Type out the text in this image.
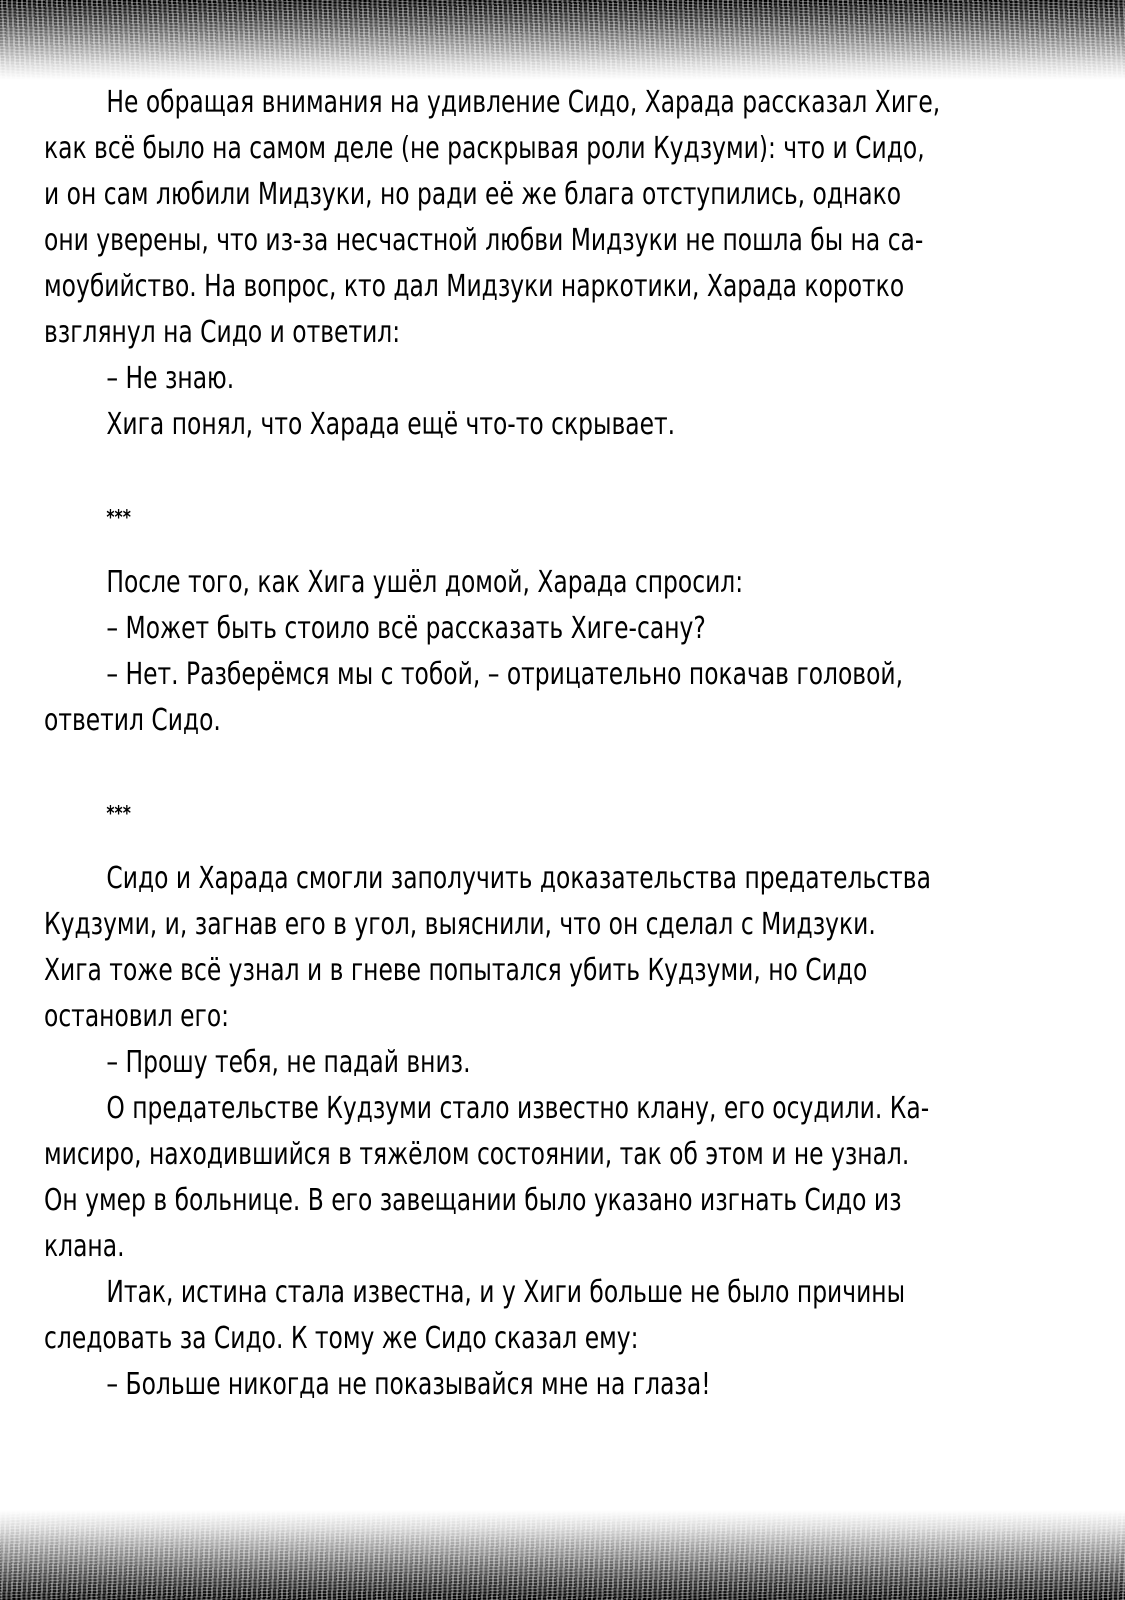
Не обращая внимания на удивление Сидо, Харада рассказал Хиге,
как всё было на самом деле (не раскрывая роли Кудзуми): что и Сидо,
и он сам любили Мидзуки, но ради её же блага отступились, однако
они уверены, что из-за несчастной любви Мидзуки не пошла бы на са-
моубийство. На вопрос, кто дал Мидзуки наркотики, Харада коротко
взглянул на Сидо и ответил:

– Не знаю.

Хига понял, что Харада ещё что-то скрывает.

***

После того, как Хига ушёл домой, Харада спросил:

– Может быть стоило всё рассказать Хиге-сану?

– Нет. Разберёмся мы с тобой, – отрицательно покачав головой,
ответил Сидо.

***

Сидо и Харада смогли заполучить доказательства предательства
Кудзуми, и, загнав его в угол, выяснили, что он сделал с Мидзуки.
Хига тоже всё узнал и в гневе попытался убить Кудзуми, но Сидо
остановил его:

– Прошу тебя, не падай вниз.

О предательстве Кудзуми стало известно клану, его осудили. Ка-
мисиро, находившийся в тяжёлом состоянии, так об этом и не узнал.
Он умер в больнице. В его завещании было указано изгнать Сидо из
клана.

Итак, истина стала известна, и у Хиги больше не было причины
следовать за Сидо. К тому же Сидо сказал ему:

– Больше никогда не показывайся мне на глаза!
